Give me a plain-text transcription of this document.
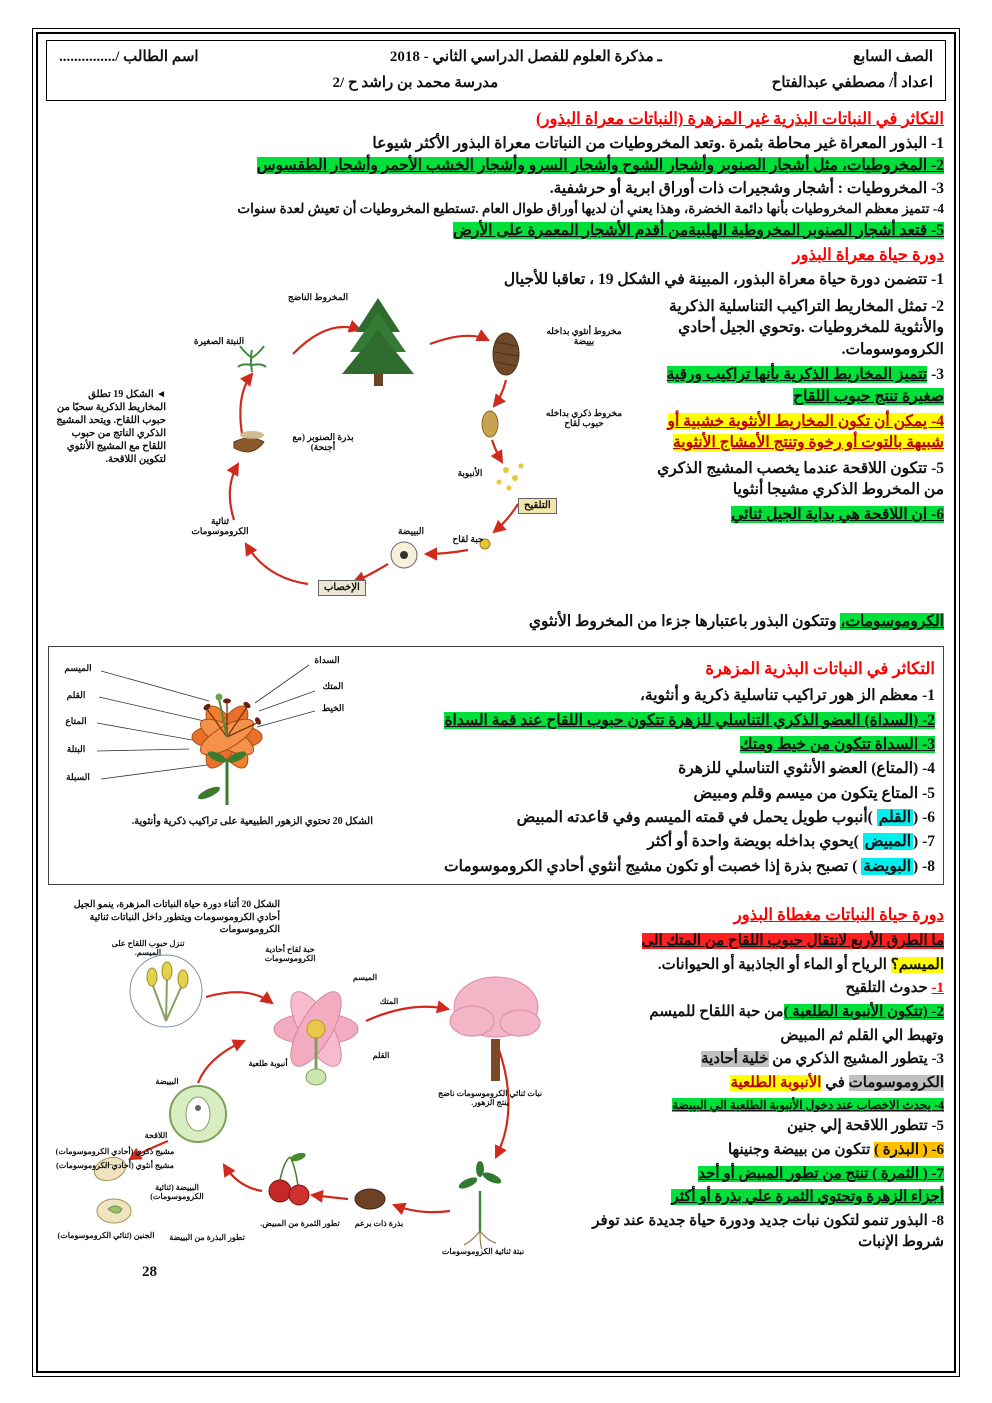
الصف السابع
ـ مذكرة العلوم للفصل الدراسي الثاني - 2018
اسم الطالب /...............
اعداد أ/ مصطفي عبدالفتاح
مدرسة محمد بن راشد ح /2
التكاثر في النباتات البذرية غير المزهرة (النباتات معراة البذور)
1- البذور المعراة غير محاطة بثمرة .وتعد المخروطيات من النباتات معراة البذور الأكثر شيوعا
2- المخروطيات، مثل أشجار الصنوبر وأشجار الشوح وأشجار السرو وأشجار الخشب الأحمر وأشجار الطقسوس
3- المخروطيات : أشجار وشجيرات ذات أوراق ابرية أو حرشفية.
4- تتميز معظم المخروطيات بأنها دائمة الخضرة، وهذا يعني أن لديها أوراق طوال العام .تستطيع المخروطيات أن تعيش لعدة سنوات
5- قتعد أشجار الصنوبر المخروطية الهلبيةمن أقدم الأشجار المعمرة على الأرض
دورة حياة معراة البذور
1- تتضمن دورة حياة معراة البذور، المبينة في الشكل 19 ، تعاقبا للأجيال
2- تمثل المخاريط التراكيب التناسلية الذكرية والأنثوية للمخروطيات .وتحوي الجيل أحادي الكروموسومات.
3- تتميز المخاريط الذكرية بأنها تراكيب ورقية صغيرة تنتج حبوب اللقاح
4- يمكن أن تكون المخاريط الأنثوية خشبية أو شبيهة بالتوت أو رخوة وتنتج الأمشاج الأنثوية
5- تتكون اللاقحة عندما يخصب المشيج الذكري من المخروط الذكري مشيجا أنثويا
6- ان اللاقحة هي بداية الجيل ثنائي
◄ الشكل 19 تطلق المخاريط الذكرية سحبًا من حبوب اللقاح. ويتحد المشيج الذكري الناتج من حبوب اللقاح مع المشيج الأنثوي لتكوين اللاقحة.
المخروط الناضج
مخروط أنثوي بداخله بييضة
مخروط ذكري بداخله حبوب لقاح
النبتة الصغيرة
بذرة الصنوبر (مع أجنحة)
الأنبوبة
التلقيح
حبة لقاح
البييضة
الإخصاب
ثنائية الكروموسومات
الكروموسومات، وتتكون البذور باعتبارها جزءا من المخروط الأنثوي
التكاثر في النباتات البذرية المزهرة
1- معظم الز هور تراكيب تناسلية ذكرية و أنثوية،
2- (السداة) العضو الذكري التناسلي للزهرة تتكون حبوب اللقاح عند قمة السداة
3- السداة تتكون من خيط ومتك
4- (المتاع) العضو الأنثوي التناسلي للزهرة
5- المتاع يتكون من ميسم وقلم ومبيض
6- (القلم )أنبوب طويل يحمل في قمته الميسم وفي قاعدته المبيض
7- (المبيض )يحوي بداخله بويضة واحدة أو أكثر
8- (البويضة ) تصبح بذرة إذا خصبت أو تكون مشيج أنثوي أحادي الكروموسومات
الميسم
القلم
المتاع
البتلة
السبلة
السداة
المتك
الخيط
الشكل 20 تحتوي الزهور الطبيعية على تراكيب ذكرية وأنثوية.
دورة حياة النباتات مغطاة البذور
ما الطرق الأربع لانتقال حبوب اللقاح من المتك الى
الميسم؟ الرياح أو الماء أو الجاذبية أو الحيوانات.
1- حدوث التلقيح
2- (تتكون الأنبوبة الطلعية )من حبة اللقاح للميسم
وتهبط الي القلم ثم المبيض
3- يتطور المشيج الذكري من خلية أحادية
الكروموسومات في الأنبوبة الطلعية
4- يحدث الاخصاب عند دخول الأنبوبة الطلعية الي البييضة
5- تتطور اللاقحة إلي جنين
6- ( البذرة ) تتكون من بييضة وجنينها
7- ( الثمرة ) تنتج من تطور المبيض أو أحد
أجزاء الزهرة وتحتوي الثمرة علي بذرة أو أكثر
8- البذور تنمو لتكون نبات جديد ودورة حياة جديدة عند توفر شروط الإنبات
الشكل 20 أثناء دورة حياة النباتات المزهرة، ينمو الجيل أحادي الكروموسومات ويتطور داخل النباتات ثنائية الكروموسومات
تنزل حبوب اللقاح على الميسم.	حبة لقاح أحادية الكروموسومات
الميسم
المتك
القلم
أنبوبة طلعية
نبات ثنائي الكروموسومات ناضج ينتج الزهور.
البييضة
اللاقحة
مشيج ذكري (أحادي الكروموسومات)
مشيج أنثوي (أحادي الكروموسومات)
البييضة (ثنائية الكروموسومات)
الجنين (ثنائي الكروموسومات)	تطور البذرة من البييضة
تطور الثمرة من المبيض.	بذرة ذات برعم
نبتة ثنائية الكروموسومات
28
